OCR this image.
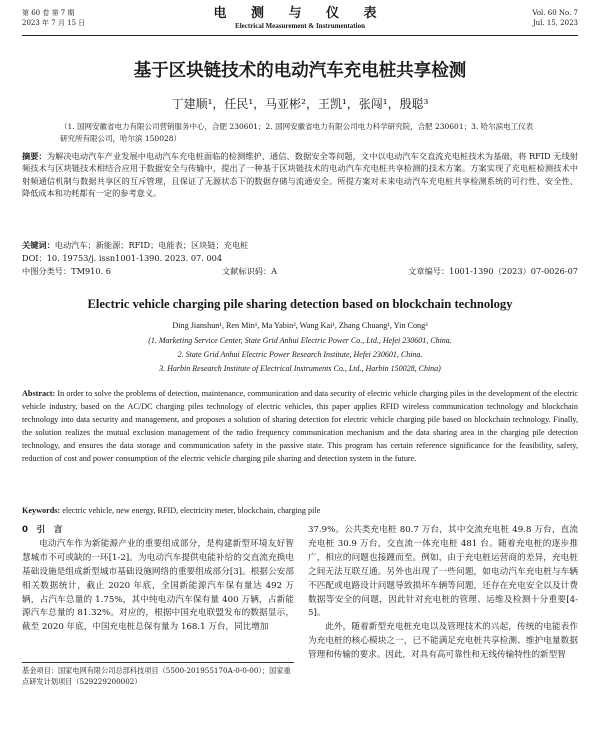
第 60 卷 第 7 期
2023 年 7 月 15 日
电 测 与 仪 表
Electrical Measurement & Instrumentation
Vol. 60 No. 7
Jul. 15, 2023
基于区块链技术的电动汽车充电桩共享检测
丁建顺¹，任民¹，马亚彬²，王凯¹，张闯¹，殷聪³
（1. 国网安徽省电力有限公司营销服务中心，合肥 230601；2. 国网安徽省电力有限公司电力科学研究院，合肥 230601；3. 哈尔滨电工仪表研究所有限公司，哈尔滨 150028）
摘要：为解决电动汽车产业发展中电动汽车充电桩面临的检测维护、通信、数据安全等问题，文中以电动汽车交直流充电桩技术为基础，将 RFID 无线射频技术与区块链技术相结合应用于数据安全与传输中，提出了一种基于区块链技术的电动汽车充电桩共享检测的技术方案。方案实现了充电桩检测技术中射频通信机制与数据共享区的互斥管理，且保证了无源状态下的数据存储与流通安全。所提方案对未来电动汽车充电桩共享检测系统的可行性、安全性、降低成本和功耗都有一定的参考意义。
关键词：电动汽车；新能源；RFID；电能表；区块链；充电桩
DOI：10. 19753/j. issn1001-1390. 2023. 07. 004
中图分类号：TM910. 6	文献标识码：A	文章编号：1001-1390（2023）07-0026-07
Electric vehicle charging pile sharing detection based on blockchain technology
Ding Jianshun¹, Ren Min¹, Ma Yabin², Wang Kai¹, Zhang Chuang¹, Yin Cong³
(1. Marketing Service Center, State Grid Anhui Electric Power Co., Ltd., Hefei 230601, China.
2. State Grid Anhui Electric Power Research Institute, Hefei 230601, China.
3. Harbin Research Institute of Electrical Instruments Co., Ltd., Harbin 150028, China)
Abstract: In order to solve the problems of detection, maintenance, communication and data security of electric vehicle charging piles in the development of the electric vehicle industry, based on the AC/DC charging piles technology of electric vehicles, this paper applies RFID wireless communication technology and blockchain technology into data security and management, and proposes a solution of sharing detection for electric vehicle charging pile based on blockchain technology. Finally, the solution realizes the mutual exclusion management of the radio frequency communication mechanism and the data sharing area in the charging pile detection technology, and ensures the data storage and communication safety in the passive state. This program has certain reference significance for the feasibility, safety, reduction of cost and power consumption of the electric vehicle charging pile sharing and detection system in the future.
Keywords: electric vehicle, new energy, RFID, electricity meter, blockchain, charging pile

0　引　言

电动汽车作为新能源产业的重要组成部分，是构建新型环境友好智慧城市不可或缺的一环[1-2]。为电动汽车提供电能补给的交直流充换电基础设施是组成新型城市基础设施网络的重要组成部分[3]。根据公安部相关数据统计，截止 2020 年底，全国新能源汽车保有量达 492 万辆，占汽车总量的 1.75%，其中纯电动汽车保有量 400 万辆，占新能源汽车总量的 81.32%。对应的，根据中国充电联盟发布的数据显示，截至 2020 年底，中国充电桩总保有量为 168.1 万台，同比增加

37.9%。公共类充电桩 80.7 万台，其中交流充电桩 49.8 万台，直流充电桩 30.9 万台，交直流一体充电桩 481 台。随着充电桩的逐步推广，相应的问题也接踵而至。例如，由于充电桩运营商的差异，充电桩之间无法互联互通。另外也出现了一些问题，如电动汽车充电桩与车辆不匹配或电路设计问题导致损坏车辆等问题，还存在充电安全以及计费数据等安全的问题，因此针对充电桩的管理、运维及检测十分重要[4-5]。

此外，随着新型充电桩充电以及管理技术的兴起，传统的电能表作为充电桩的核心模块之一，已不能满足充电桩共享检测、维护电量数据管理和传输的要求。因此，对具有高可靠性和无线传输特性的新型智

基金项目：国家电网有限公司总部科技项目（5500-201955170A-0-0-00）；国家重点研发计划项目（529229200002）
